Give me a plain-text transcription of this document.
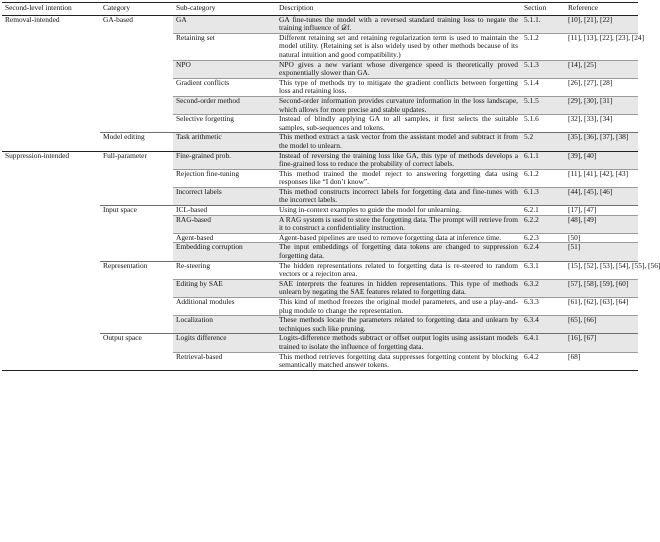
Second-level intention	Category	Sub-category	Description	Section	Reference
Removal-intended	GA-based	GA	GA fine-tunes the model with a reversed standard training loss to negate the training influence of 𝒟f.	5.1.1.	[10], [21], [22]
		Retaining set	Different retaining set and retaining regularization term is used to maintain the model utility. (Retaining set is also widely used by other methods because of its natural intuition and good compatibility.)	5.1.2	[11], [13], [22], [23], [24]
		NPO	NPO gives a new variant whose divergence speed is theoretically proved exponentially slower than GA.	5.1.3	[14], [25]
		Gradient conflicts	This type of methods try to mitigate the gradient conflicts between forgetting loss and retaining loss.	5.1.4	[26], [27], [28]
		Second-order method	Second-order information provides curvature information in the loss landscape, which allows for more precise and stable updates.	5.1.5	[29], [30], [31]
		Selective forgetting	Instead of blindly applying GA to all samples, it first selects the suitable samples, sub-sequences and tokens.	5.1.6	[32], [33], [34]
	Model editing	Task arithmetic	This method extract a task vector from the assistant model and subtract it from the model to unlearn.	5.2	[35], [36], [37], [38]
Suppression-intended	Full-parameter	Fine-grained prob.	Instead of reversing the training loss like GA, this type of methods develops a fine-grained loss to reduce the probability of correct labels.	6.1.1	[39], [40]
		Rejection fine-tuning	This method trained the model reject to answering forgetting data using responses like “I don’t know”.	6.1.2	[11], [41], [42], [43]
		Incorrect labels	This method constructs incorrect labels for forgetting data and fine-tunes with the incorrect labels.	6.1.3	[44], [45], [46]
	Input space	ICL-based	Using in-context examples to guide the model for unlearning.	6.2.1	[17], [47]
		RAG-based	A RAG system is used to store the forgetting data. The prompt will retrieve from it to construct a confidentiality instruction.	6.2.2	[48], [49]
		Agent-based	Agent-based pipelines are used to remove forgetting data at inference time.	6.2.3	[50]
		Embedding corruption	The input embeddings of forgetting data tokens are changed to suppression forgetting data.	6.2.4	[51]
	Representation	Re-steering	The hidden representations related to forgetting data is re-steered to random vectors or a rejeciton area.	6.3.1	[15], [52], [53], [54], [55], [56]
		Editing by SAE	SAE interprets the features in hidden representations. This type of methods unlearn by negating the SAE features related to forgetting data.	6.3.2	[57], [58], [59], [60]
		Additional modules	This kind of method freezes the original model parameters, and use a play-and-plug module to change the representation.	6.3.3	[61], [62], [63], [64]
		Localization	These methods locate the parameters related to forgetting data and unlearn by techniques such like pruning.	6.3.4	[65], [66]
	Output space	Logits difference	Logits-difference methods subtract or offset output logits using assistant models trained to isolate the influence of forgetting data.	6.4.1	[16], [67]
		Retrieval-based	This method retrieves forgetting data suppresses forgetting content by blocking semantically matched answer tokens.	6.4.2	[68]
